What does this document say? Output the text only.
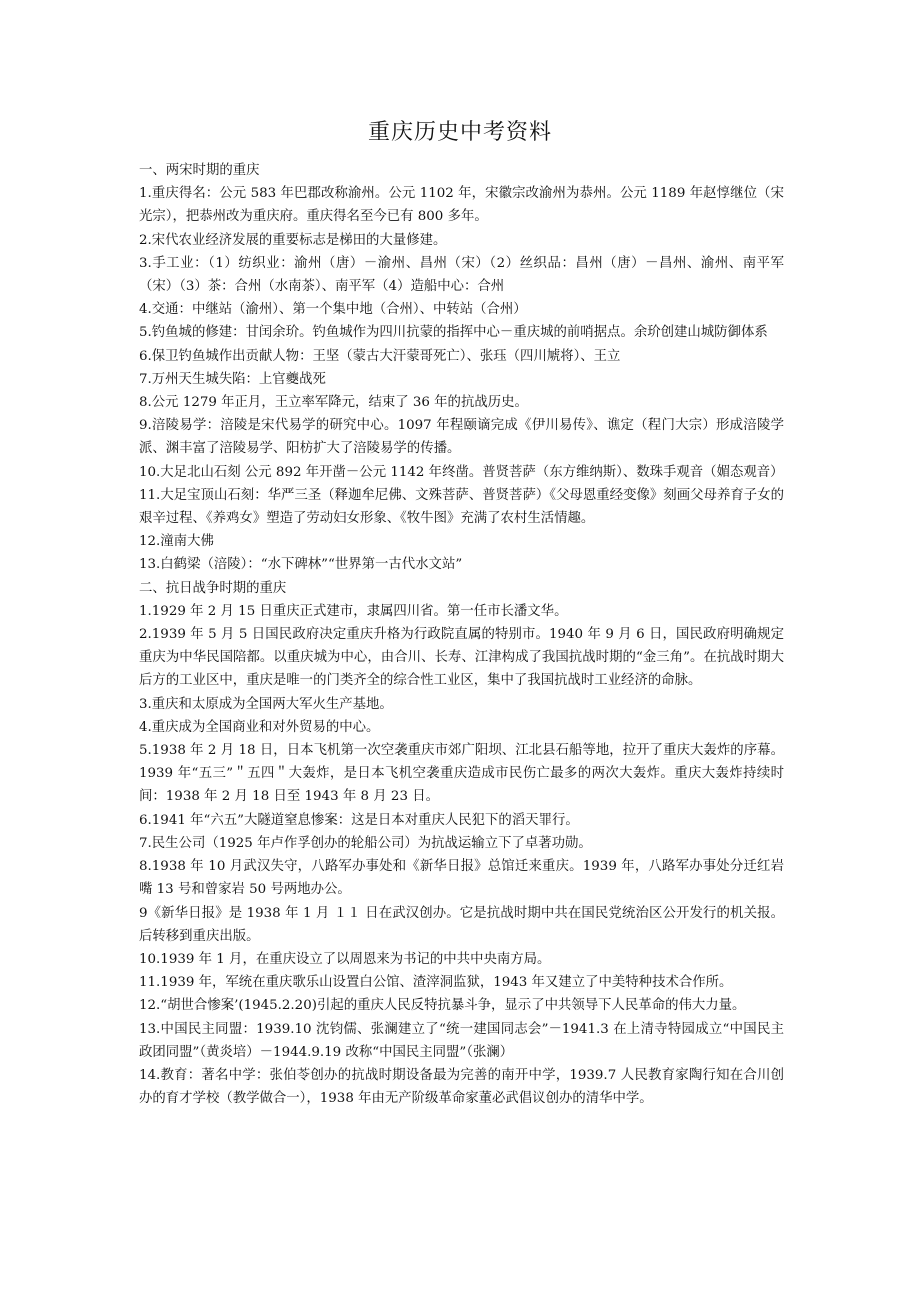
重庆历史中考资料

一、两宋时期的重庆

1.重庆得名：公元 583 年巴郡改称渝州。公元 1102 年，宋徽宗改渝州为恭州。公元 1189 年赵惇继位（宋光宗），把恭州改为重庆府。重庆得名至今已有 800 多年。

2.宋代农业经济发展的重要标志是梯田的大量修建。

3.手工业：（1）纺织业：渝州（唐）－渝州、昌州（宋）（2）丝织品：昌州（唐）－昌州、渝州、南平军（宋）（3）茶：合州（水南茶）、南平军（4）造船中心：合州

4.交通：中继站（渝州）、第一个集中地（合州）、中转站（合州）

5.钓鱼城的修建：甘闰余玠。钓鱼城作为四川抗蒙的指挥中心－重庆城的前哨据点。余玠创建山城防御体系

6.保卫钓鱼城作出贡献人物：王坚（蒙古大汗蒙哥死亡）、张珏（四川虓将）、王立

7.万州天生城失陷：上官夔战死

8.公元 1279 年正月，王立率军降元，结束了 36 年的抗战历史。

9.涪陵易学：涪陵是宋代易学的研究中心。1097 年程颐谪完成《伊川易传》、谯定（程门大宗）形成涪陵学派、渊丰富了涪陵易学、阳枋扩大了涪陵易学的传播。

10.大足北山石刻 公元 892 年开凿－公元 1142 年终凿。普贤菩萨（东方维纳斯）、数珠手观音（媚态观音）

11.大足宝顶山石刻：华严三圣（释迦牟尼佛、文殊菩萨、普贤菩萨）《父母恩重经变像》刻画父母养育子女的艰辛过程、《养鸡女》塑造了劳动妇女形象、《牧牛图》充满了农村生活情趣。

12.潼南大佛

13.白鹤梁（涪陵）：“水下碑林”“世界第一古代水文站”

二、抗日战争时期的重庆

1.1929 年 2 月 15 日重庆正式建市，隶属四川省。第一任市长潘文华。

2.1939 年 5 月 5 日国民政府决定重庆升格为行政院直属的特别市。1940 年 9 月 6 日，国民政府明确规定重庆为中华民国陪都。以重庆城为中心，由合川、长寿、江津构成了我国抗战时期的“金三角”。在抗战时期大后方的工业区中，重庆是唯一的门类齐全的综合性工业区，集中了我国抗战时工业经济的命脉。

3.重庆和太原成为全国两大军火生产基地。

4.重庆成为全国商业和对外贸易的中心。

5.1938 年 2 月 18 日，日本飞机第一次空袭重庆市郊广阳坝、江北县石船等地，拉开了重庆大轰炸的序幕。1939 年“五三”＂五四＂大轰炸，是日本飞机空袭重庆造成市民伤亡最多的两次大轰炸。重庆大轰炸持续时间：1938 年 2 月 18 日至 1943 年 8 月 23 日。

6.1941 年“六五”大隧道窒息惨案：这是日本对重庆人民犯下的滔天罪行。

7.民生公司（1925 年卢作孚创办的轮船公司）为抗战运输立下了卓著功勋。

8.1938 年 10 月武汉失守，八路军办事处和《新华日报》总馆迁来重庆。1939 年，八路军办事处分迁红岩嘴 13 号和曾家岩 50 号两地办公。

9《新华日报》是 1938 年 1 月 １１ 日在武汉创办。它是抗战时期中共在国民党统治区公开发行的机关报。后转移到重庆出版。

10.1939 年 1 月，在重庆设立了以周恩来为书记的中共中央南方局。

11.1939 年，军统在重庆歌乐山设置白公馆、渣滓洞监狱，1943 年又建立了中美特种技术合作所。

12.“胡世合惨案’(1945.2.20)引起的重庆人民反特抗暴斗争，显示了中共领导下人民革命的伟大力量。

13.中国民主同盟：1939.10 沈钧儒、张澜建立了“统一建国同志会”－1941.3 在上清寺特园成立“中国民主政团同盟”（黄炎培）－1944.9.19 改称“中国民主同盟”（张澜）

14.教育：著名中学：张伯苓创办的抗战时期设备最为完善的南开中学，1939.7 人民教育家陶行知在合川创办的育才学校（教学做合一），1938 年由无产阶级革命家董必武倡议创办的清华中学。
